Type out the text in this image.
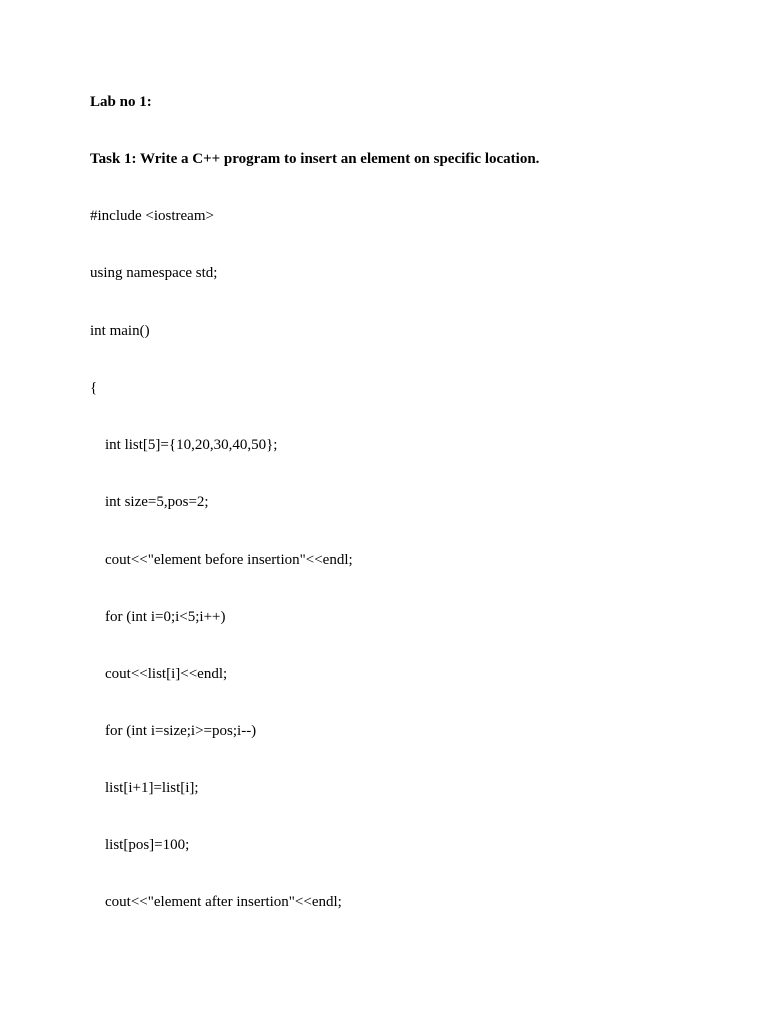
Lab no 1:
Task 1: Write a C++ program to insert an element on specific location.
#include <iostream>
using namespace std;
int main()
{
int list[5]={10,20,30,40,50};
int size=5,pos=2;
cout<<"element before insertion"<<endl;
for (int i=0;i<5;i++)
cout<<list[i]<<endl;
for (int i=size;i>=pos;i--)
list[i+1]=list[i];
list[pos]=100;
cout<<"element after insertion"<<endl;
